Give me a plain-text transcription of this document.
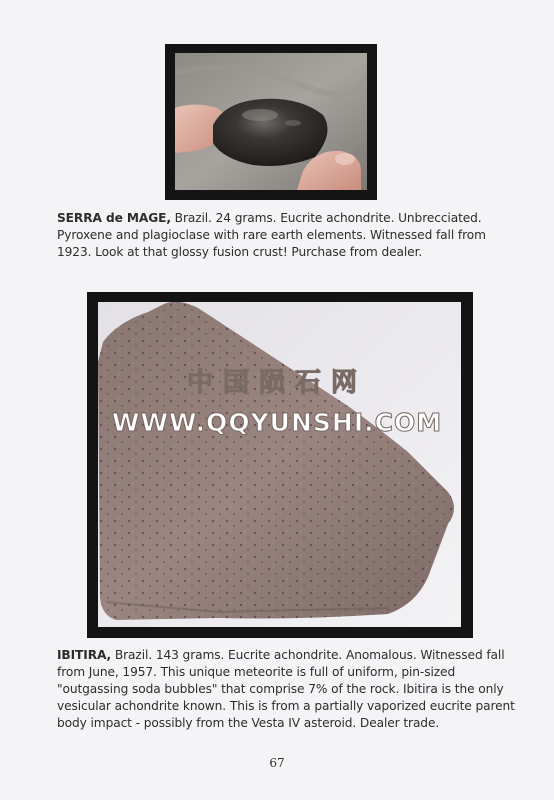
SERRA de MAGE, Brazil. 24 grams. Eucrite achondrite. Unbrecciated. Pyroxene and plagioclase with rare earth elements. Witnessed fall from 1923. Look at that glossy fusion crust! Purchase from dealer.
中国陨石网
WWW.QQYUNSHI.COM
IBITIRA, Brazil. 143 grams. Eucrite achondrite. Anomalous. Witnessed fall from June, 1957. This unique meteorite is full of uniform, pin-sized "outgassing soda bubbles" that comprise 7% of the rock. Ibitira is the only vesicular achondrite known. This is from a partially vaporized eucrite parent body impact - possibly from the Vesta IV asteroid. Dealer trade.
67
